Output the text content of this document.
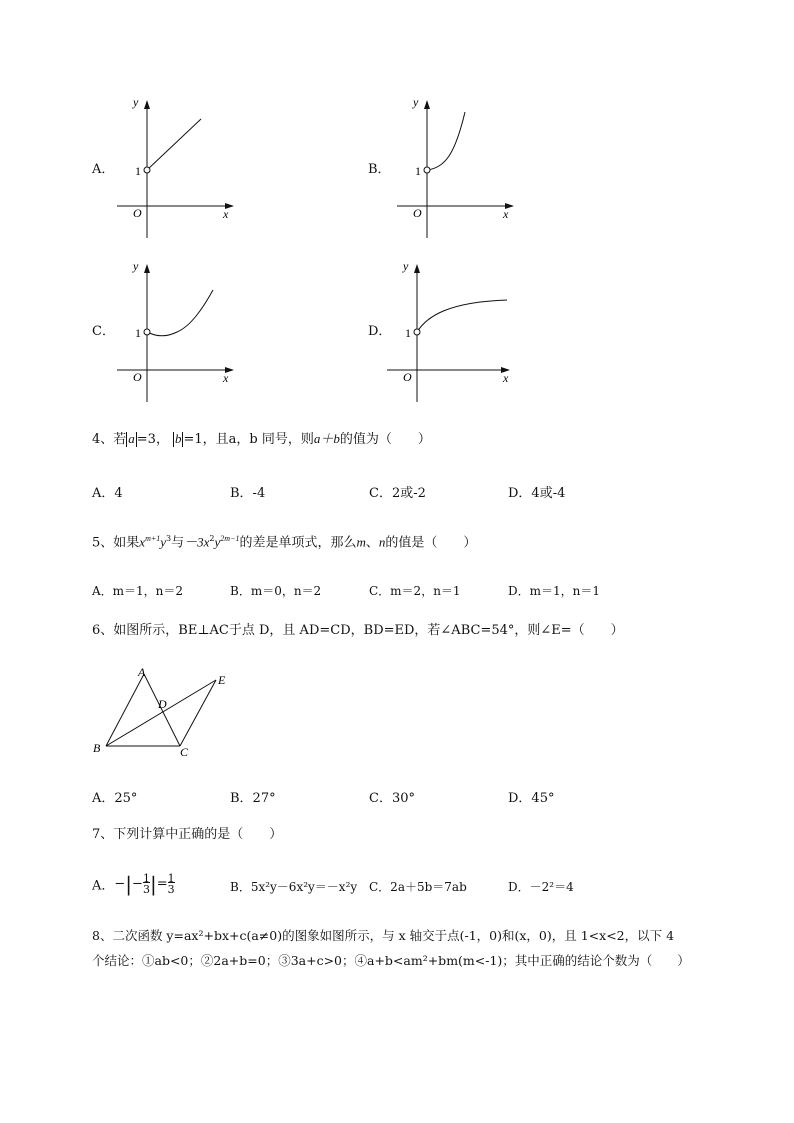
A．
y
x
O
1	B．
y
x
O
1
C．
y
x
O
1	D．
y
x
O
1
4、若 a =3， b =1，且a，b 同号，则a＋b的值为（　　）
A．4	B．-4	C．2或-2	D．4或-4
5、如果$x^{m+1}y^3$与$-3x^2y^{2m-1}$的差是单项式，那么m、n的值是（　　）
A．m＝1，n＝2	B．m＝0，n＝2	C．m＝2，n＝1	D．m＝1，n＝1
6、如图所示，BE⊥AC于点 D，且 AD=CD，BD=ED，若∠ABC=54°，则∠E=（　　）
A
B	C
D
E
A．25°	B．27°	C．30°	D．45°
7、下列计算中正确的是（　　）
A．$-|-\frac{1}{3}|=\frac{1}{3}$	B．5x²y－6x²y＝－x²y C．2a＋5b＝7ab	D．－2²＝4
8、二次函数 y=ax²+bx+c(a≠0)的图象如图所示，与 x 轴交于点(-1，0)和(x，0)，且 1<x<2，以下 4
个结论：①ab<0；②2a+b=0；③3a+c>0；④a+b<am²+bm(m<-1)；其中正确的结论个数为（　　）
